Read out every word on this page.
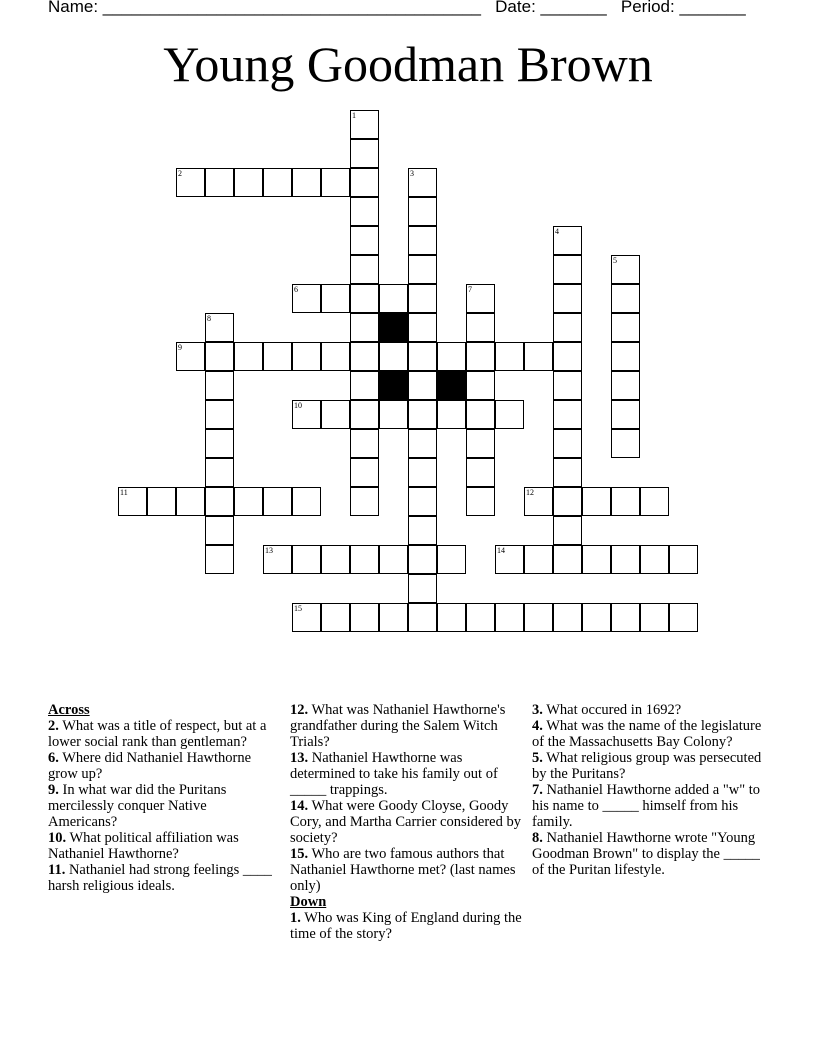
Name: ________________________________________ Date: _______ Period: _______
Young Goodman Brown
1
2	3
4
5
6	7
8
9
10
11	12
13	14
15
Across
2. What was a title of respect, but at a lower social rank than gentleman?
6. Where did Nathaniel Hawthorne grow up?
9. In what war did the Puritans mercilessly conquer Native Americans?
10. What political affiliation was Nathaniel Hawthorne?
11. Nathaniel had strong feelings ____ harsh religious ideals.
12. What was Nathaniel Hawthorne's grandfather during the Salem Witch Trials?
13. Nathaniel Hawthorne was determined to take his family out of _____ trappings.
14. What were Goody Cloyse, Goody Cory, and Martha Carrier considered by society?
15. Who are two famous authors that Nathaniel Hawthorne met? (last names only)
Down
1. Who was King of England during the time of the story?
3. What occured in 1692?
4. What was the name of the legislature of the Massachusetts Bay Colony?
5. What religious group was persecuted by the Puritans?
7. Nathaniel Hawthorne added a "w" to his name to _____ himself from his family.
8. Nathaniel Hawthorne wrote "Young Goodman Brown" to display the _____ of the Puritan lifestyle.
